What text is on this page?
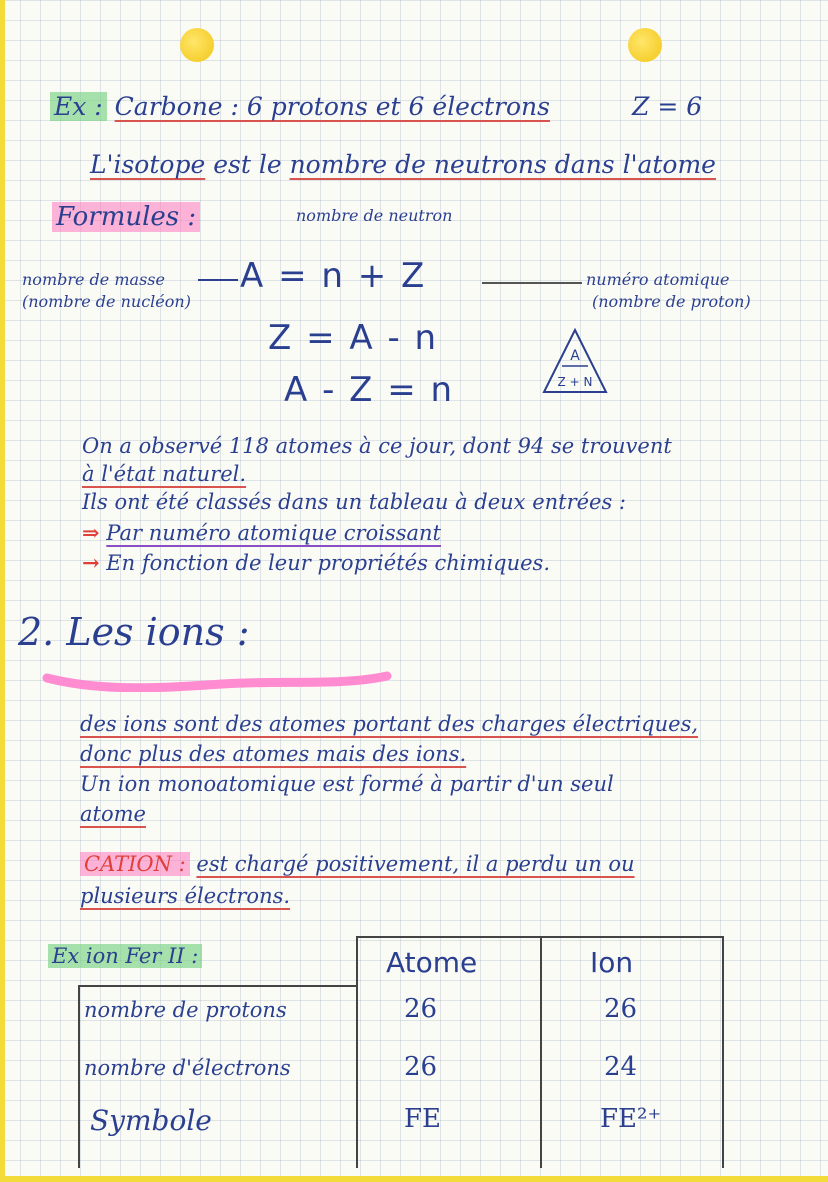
Ex : Carbone : 6 protons et 6 électrons	Z = 6
L'isotope est le nombre de neutrons dans l'atome
Formules :	nombre de neutron
nombre de masse
(nombre de nucléon)
A = n + Z	numéro atomique
(nombre de proton)
Z = A - n
A - Z = n
A
Z + N
On a observé 118 atomes à ce jour, dont 94 se trouvent
à l'état naturel.
Ils ont été classés dans un tableau à deux entrées :
⇒ Par numéro atomique croissant
→ En fonction de leur propriétés chimiques.
2. Les ions :
des ions sont des atomes portant des charges électriques,
donc plus des atomes mais des ions.
Un ion monoatomique est formé à partir d'un seul
atome
CATION : est chargé positivement, il a perdu un ou
plusieurs électrons.
Ex ion Fer II :	Atome	Ion
nombre de protons	26	26
nombre d'électrons	26	24
Symbole	FE	FE²⁺
